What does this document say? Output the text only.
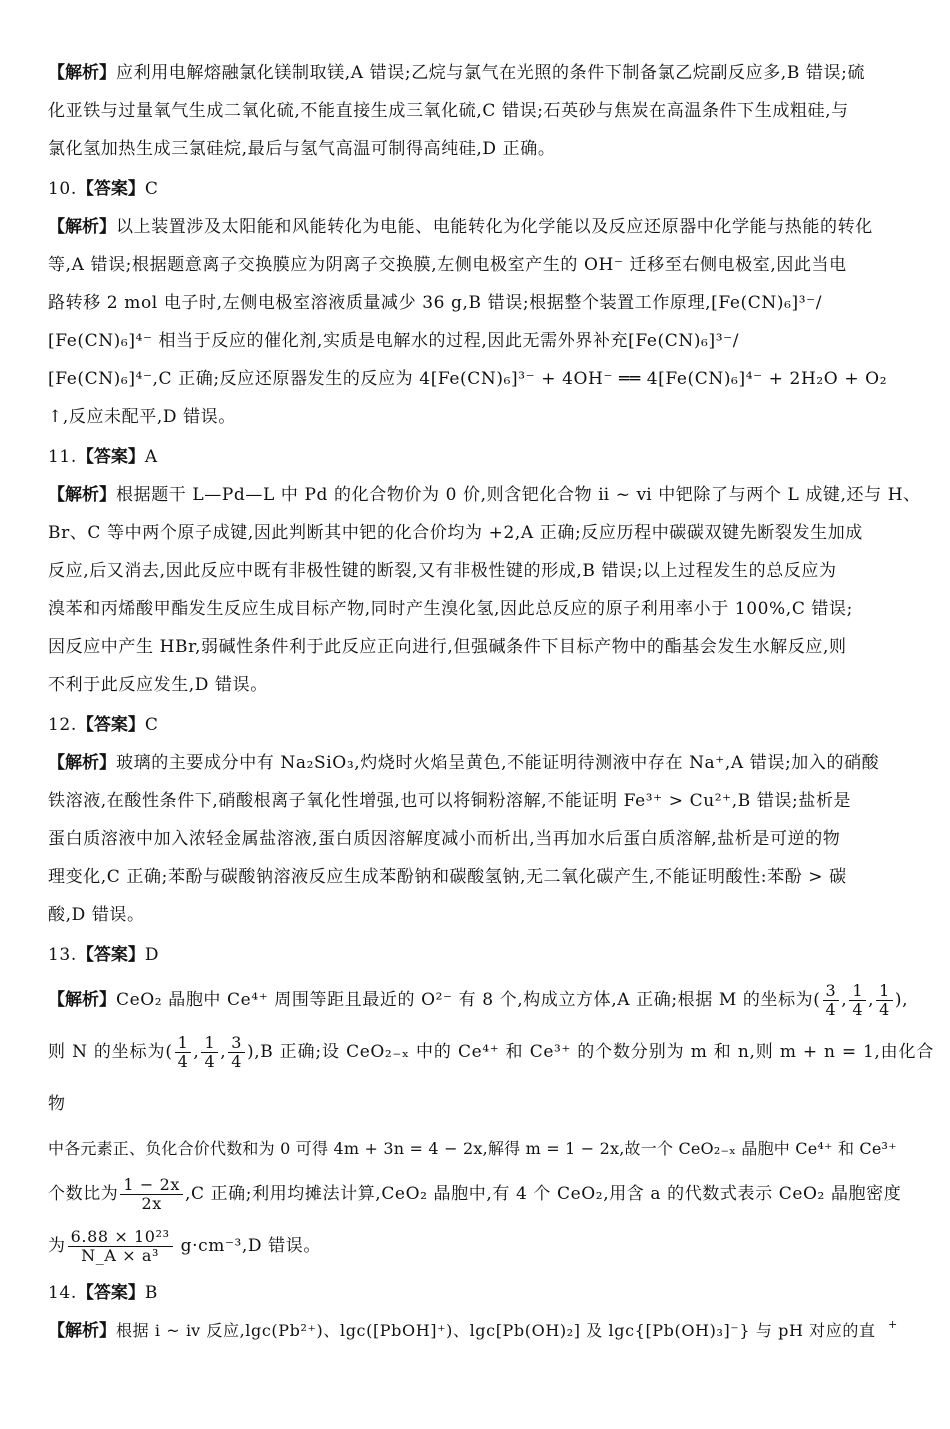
【解析】应利用电解熔融氯化镁制取镁,A 错误;乙烷与氯气在光照的条件下制备氯乙烷副反应多,B 错误;硫

化亚铁与过量氧气生成二氧化硫,不能直接生成三氧化硫,C 错误;石英砂与焦炭在高温条件下生成粗硅,与

氯化氢加热生成三氯硅烷,最后与氢气高温可制得高纯硅,D 正确。

10.【答案】C

【解析】以上装置涉及太阳能和风能转化为电能、电能转化为化学能以及反应还原器中化学能与热能的转化

等,A 错误;根据题意离子交换膜应为阴离子交换膜,左侧电极室产生的 OH⁻ 迁移至右侧电极室,因此当电

路转移 2 mol 电子时,左侧电极室溶液质量减少 36 g,B 错误;根据整个装置工作原理,[Fe(CN)₆]³⁻/

[Fe(CN)₆]⁴⁻ 相当于反应的催化剂,实质是电解水的过程,因此无需外界补充[Fe(CN)₆]³⁻/

[Fe(CN)₆]⁴⁻,C 正确;反应还原器发生的反应为 4[Fe(CN)₆]³⁻ + 4OH⁻ ══ 4[Fe(CN)₆]⁴⁻ + 2H₂O + O₂

↑,反应未配平,D 错误。

11.【答案】A

【解析】根据题干 L—Pd—L 中 Pd 的化合物价为 0 价,则含钯化合物 ⅱ ~ ⅵ 中钯除了与两个 L 成键,还与 H、

Br、C 等中两个原子成键,因此判断其中钯的化合价均为 +2,A 正确;反应历程中碳碳双键先断裂发生加成

反应,后又消去,因此反应中既有非极性键的断裂,又有非极性键的形成,B 错误;以上过程发生的总反应为

溴苯和丙烯酸甲酯发生反应生成目标产物,同时产生溴化氢,因此总反应的原子利用率小于 100%,C 错误;

因反应中产生 HBr,弱碱性条件利于此反应正向进行,但强碱条件下目标产物中的酯基会发生水解反应,则

不利于此反应发生,D 错误。

12.【答案】C

【解析】玻璃的主要成分中有 Na₂SiO₃,灼烧时火焰呈黄色,不能证明待测液中存在 Na⁺,A 错误;加入的硝酸

铁溶液,在酸性条件下,硝酸根离子氧化性增强,也可以将铜粉溶解,不能证明 Fe³⁺ > Cu²⁺,B 错误;盐析是

蛋白质溶液中加入浓轻金属盐溶液,蛋白质因溶解度减小而析出,当再加水后蛋白质溶解,盐析是可逆的物

理变化,C 正确;苯酚与碳酸钠溶液反应生成苯酚钠和碳酸氢钠,无二氧化碳产生,不能证明酸性:苯酚 > 碳

酸,D 错误。

13.【答案】D

【解析】CeO₂ 晶胞中 Ce⁴⁺ 周围等距且最近的 O²⁻ 有 8 个,构成立方体,A 正确;根据 M 的坐标为( $\frac{3}{4}$ , $\frac{1}{4}$ , $\frac{1}{4}$ ),

则 N 的坐标为( $\frac{1}{4}$ , $\frac{1}{4}$ , $\frac{3}{4} ),B$ 正确;设 CeO₂₋ₓ 中的 Ce⁴⁺ 和 Ce³⁺ 的个数分别为 m 和 n,则 m + n = 1,由化合物

中各元素正、负化合价代数和为 0 可得 4m + 3n = 4 − 2x,解得 m = 1 − 2x,故一个 CeO₂₋ₓ 晶胞中 Ce⁴⁺ 和 Ce³⁺

个数比为 $\frac{1 - 2x}{2x} ,C$ 正确;利用均摊法计算,CeO₂ 晶胞中,有 4 个 CeO₂,用含 a 的代数式表示 CeO₂ 晶胞密度

为 $\frac{\text{6.88 × 10²³}}{\text{N\_A × a³}} g\cdot cm^{-3},D$ 错误。

14.【答案】B

【解析】根据 ⅰ ~ ⅳ 反应,lgc(Pb²⁺)、lgc([PbOH]⁺)、lgc[Pb(OH)₂] 及 lgc{[Pb(OH)₃]⁻} 与 pH 对应的直	+
